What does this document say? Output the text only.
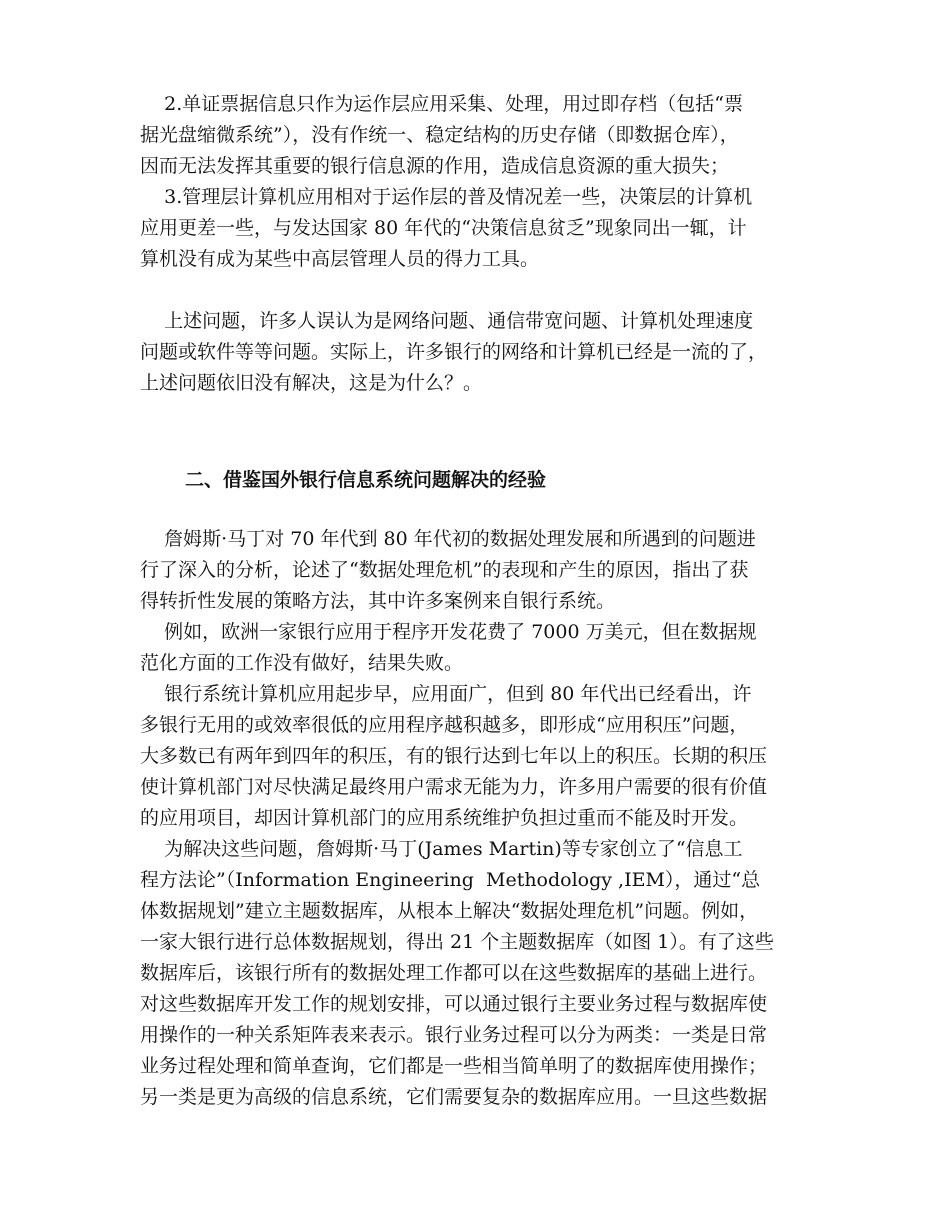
2.单证票据信息只作为运作层应用采集、处理，用过即存档（包括“票
据光盘缩微系统”），没有作统一、稳定结构的历史存储（即数据仓库），
因而无法发挥其重要的银行信息源的作用，造成信息资源的重大损失；
3.管理层计算机应用相对于运作层的普及情况差一些，决策层的计算机
应用更差一些，与发达国家 80 年代的“决策信息贫乏”现象同出一辄，计
算机没有成为某些中高层管理人员的得力工具。
上述问题，许多人误认为是网络问题、通信带宽问题、计算机处理速度
问题或软件等等问题。实际上，许多银行的网络和计算机已经是一流的了，
上述问题依旧没有解决，这是为什么？。
二、借鉴国外银行信息系统问题解决的经验
詹姆斯·马丁对 70 年代到 80 年代初的数据处理发展和所遇到的问题进
行了深入的分析，论述了“数据处理危机”的表现和产生的原因，指出了获
得转折性发展的策略方法，其中许多案例来自银行系统。
例如，欧洲一家银行应用于程序开发花费了 7000 万美元，但在数据规
范化方面的工作没有做好，结果失败。
银行系统计算机应用起步早，应用面广，但到 80 年代出已经看出，许
多银行无用的或效率很低的应用程序越积越多，即形成“应用积压”问题，
大多数已有两年到四年的积压，有的银行达到七年以上的积压。长期的积压
使计算机部门对尽快满足最终用户需求无能为力，许多用户需要的很有价值
的应用项目，却因计算机部门的应用系统维护负担过重而不能及时开发。
为解决这些问题，詹姆斯·马丁(James Martin)等专家创立了“信息工
程方法论”（Information Engineering  Methodology ,IEM），通过“总
体数据规划”建立主题数据库，从根本上解决“数据处理危机”问题。例如，
一家大银行进行总体数据规划，得出 21 个主题数据库（如图 1）。有了这些
数据库后，该银行所有的数据处理工作都可以在这些数据库的基础上进行。
对这些数据库开发工作的规划安排，可以通过银行主要业务过程与数据库使
用操作的一种关系矩阵表来表示。银行业务过程可以分为两类：一类是日常
业务过程处理和简单查询，它们都是一些相当简单明了的数据库使用操作；
另一类是更为高级的信息系统，它们需要复杂的数据库应用。一旦这些数据
